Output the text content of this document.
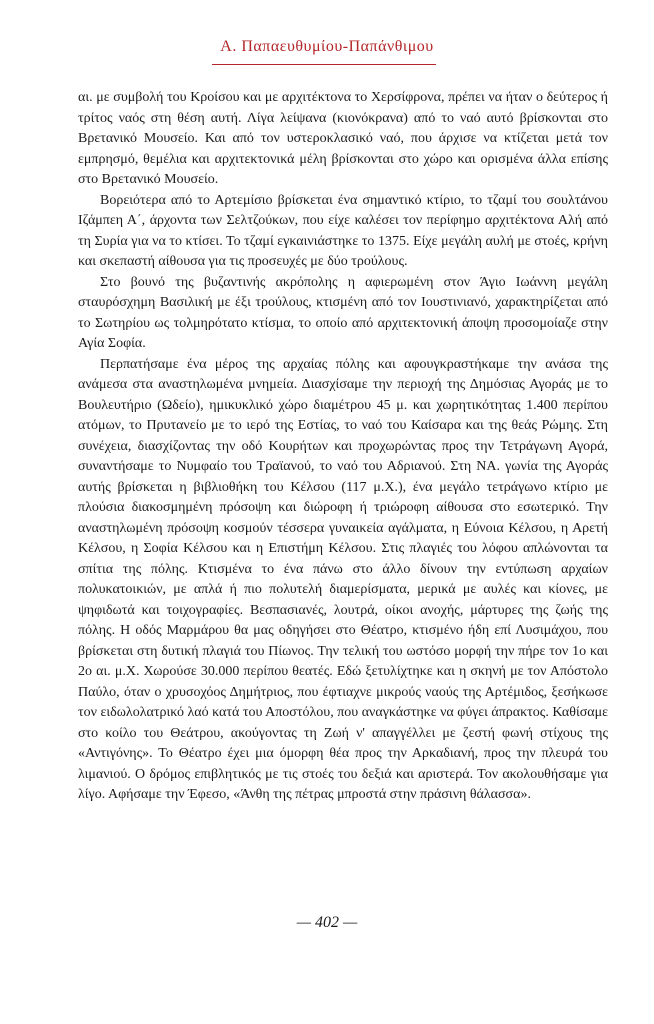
Α. Παπαευθυμίου-Παπάνθιμου

αι. με συμβολή του Κροίσου και με αρχιτέκτονα το Χερσίφρονα, πρέπει να ήταν ο δεύτερος ή τρίτος ναός στη θέση αυτή. Λίγα λείψανα (κιονόκρανα) από το ναό αυτό βρίσκονται στο Βρετανικό Μουσείο. Και από τον υστεροκλασικό ναό, που άρχισε να κτίζεται μετά τον εμπρησμό, θεμέλια και αρχιτεκτονικά μέλη βρίσκονται στο χώρο και ορισμένα άλλα επίσης στο Βρετανικό Μουσείο.

Βορειότερα από το Αρτεμίσιο βρίσκεται ένα σημαντικό κτίριο, το τζαμί του σουλτάνου Ιζάμπεη Α΄, άρχοντα των Σελτζούκων, που είχε καλέσει τον περίφημο αρχιτέκτονα Αλή από τη Συρία για να το κτίσει. Το τζαμί εγκαινιάστηκε το 1375. Είχε μεγάλη αυλή με στοές, κρήνη και σκεπαστή αίθουσα για τις προσευχές με δύο τρούλους.

Στο βουνό της βυζαντινής ακρόπολης η αφιερωμένη στον Άγιο Ιωάννη μεγάλη σταυρόσχημη Βασιλική με έξι τρούλους, κτισμένη από τον Ιουστινιανό, χαρακτηρίζεται από το Σωτηρίου ως τολμηρότατο κτίσμα, το οποίο από αρχιτεκτονική άποψη προσομοίαζε στην Αγία Σοφία.

Περπατήσαμε ένα μέρος της αρχαίας πόλης και αφουγκραστήκαμε την ανάσα της ανάμεσα στα αναστηλωμένα μνημεία. Διασχίσαμε την περιοχή της Δημόσιας Αγοράς με το Βουλευτήριο (Ωδείο), ημικυκλικό χώρο διαμέτρου 45 μ. και χωρητικότητας 1.400 περίπου ατόμων, το Πρυτανείο με το ιερό της Εστίας, το ναό του Καίσαρα και της θεάς Ρώμης. Στη συνέχεια, διασχίζοντας την οδό Κουρήτων και προχωρώντας προς την Τετράγωνη Αγορά, συναντήσαμε το Νυμφαίο του Τραϊανού, το ναό του Αδριανού. Στη ΝΑ. γωνία της Αγοράς αυτής βρίσκεται η βιβλιοθήκη του Κέλσου (117 μ.Χ.), ένα μεγάλο τετράγωνο κτίριο με πλούσια διακοσμημένη πρόσοψη και διώροφη ή τριώροφη αίθουσα στο εσωτερικό. Την αναστηλωμένη πρόσοψη κοσμούν τέσσερα γυναικεία αγάλματα, η Εύνοια Κέλσου, η Αρετή Κέλσου, η Σοφία Κέλσου και η Επιστήμη Κέλσου. Στις πλαγιές του λόφου απλώνονται τα σπίτια της πόλης. Κτισμένα το ένα πάνω στο άλλο δίνουν την εντύπωση αρχαίων πολυκατοικιών, με απλά ή πιο πολυτελή διαμερίσματα, μερικά με αυλές και κίονες, με ψηφιδωτά και τοιχογραφίες. Βεσπασιανές, λουτρά, οίκοι ανοχής, μάρτυρες της ζωής της πόλης. Η οδός Μαρμάρου θα μας οδηγήσει στο Θέατρο, κτισμένο ήδη επί Λυσιμάχου, που βρίσκεται στη δυτική πλαγιά του Πίωνος. Την τελική του ωστόσο μορφή την πήρε τον 1ο και 2ο αι. μ.Χ. Χωρούσε 30.000 περίπου θεατές. Εδώ ξετυλίχτηκε και η σκηνή με τον Απόστολο Παύλο, όταν ο χρυσοχόος Δημήτριος, που έφτιαχνε μικρούς ναούς της Αρτέμιδος, ξεσήκωσε τον ειδωλολατρικό λαό κατά του Αποστόλου, που αναγκάστηκε να φύγει άπρακτος. Καθίσαμε στο κοίλο του Θεάτρου, ακούγοντας τη Ζωή ν' απαγγέλλει με ζεστή φωνή στίχους της «Αντιγόνης». Το Θέατρο έχει μια όμορφη θέα προς την Αρκαδιανή, προς την πλευρά του λιμανιού. Ο δρόμος επιβλητικός με τις στοές του δεξιά και αριστερά. Τον ακολουθήσαμε για λίγο. Αφήσαμε την Έφεσο, «Άνθη της πέτρας μπροστά στην πράσινη θάλασσα».

— 402 —
